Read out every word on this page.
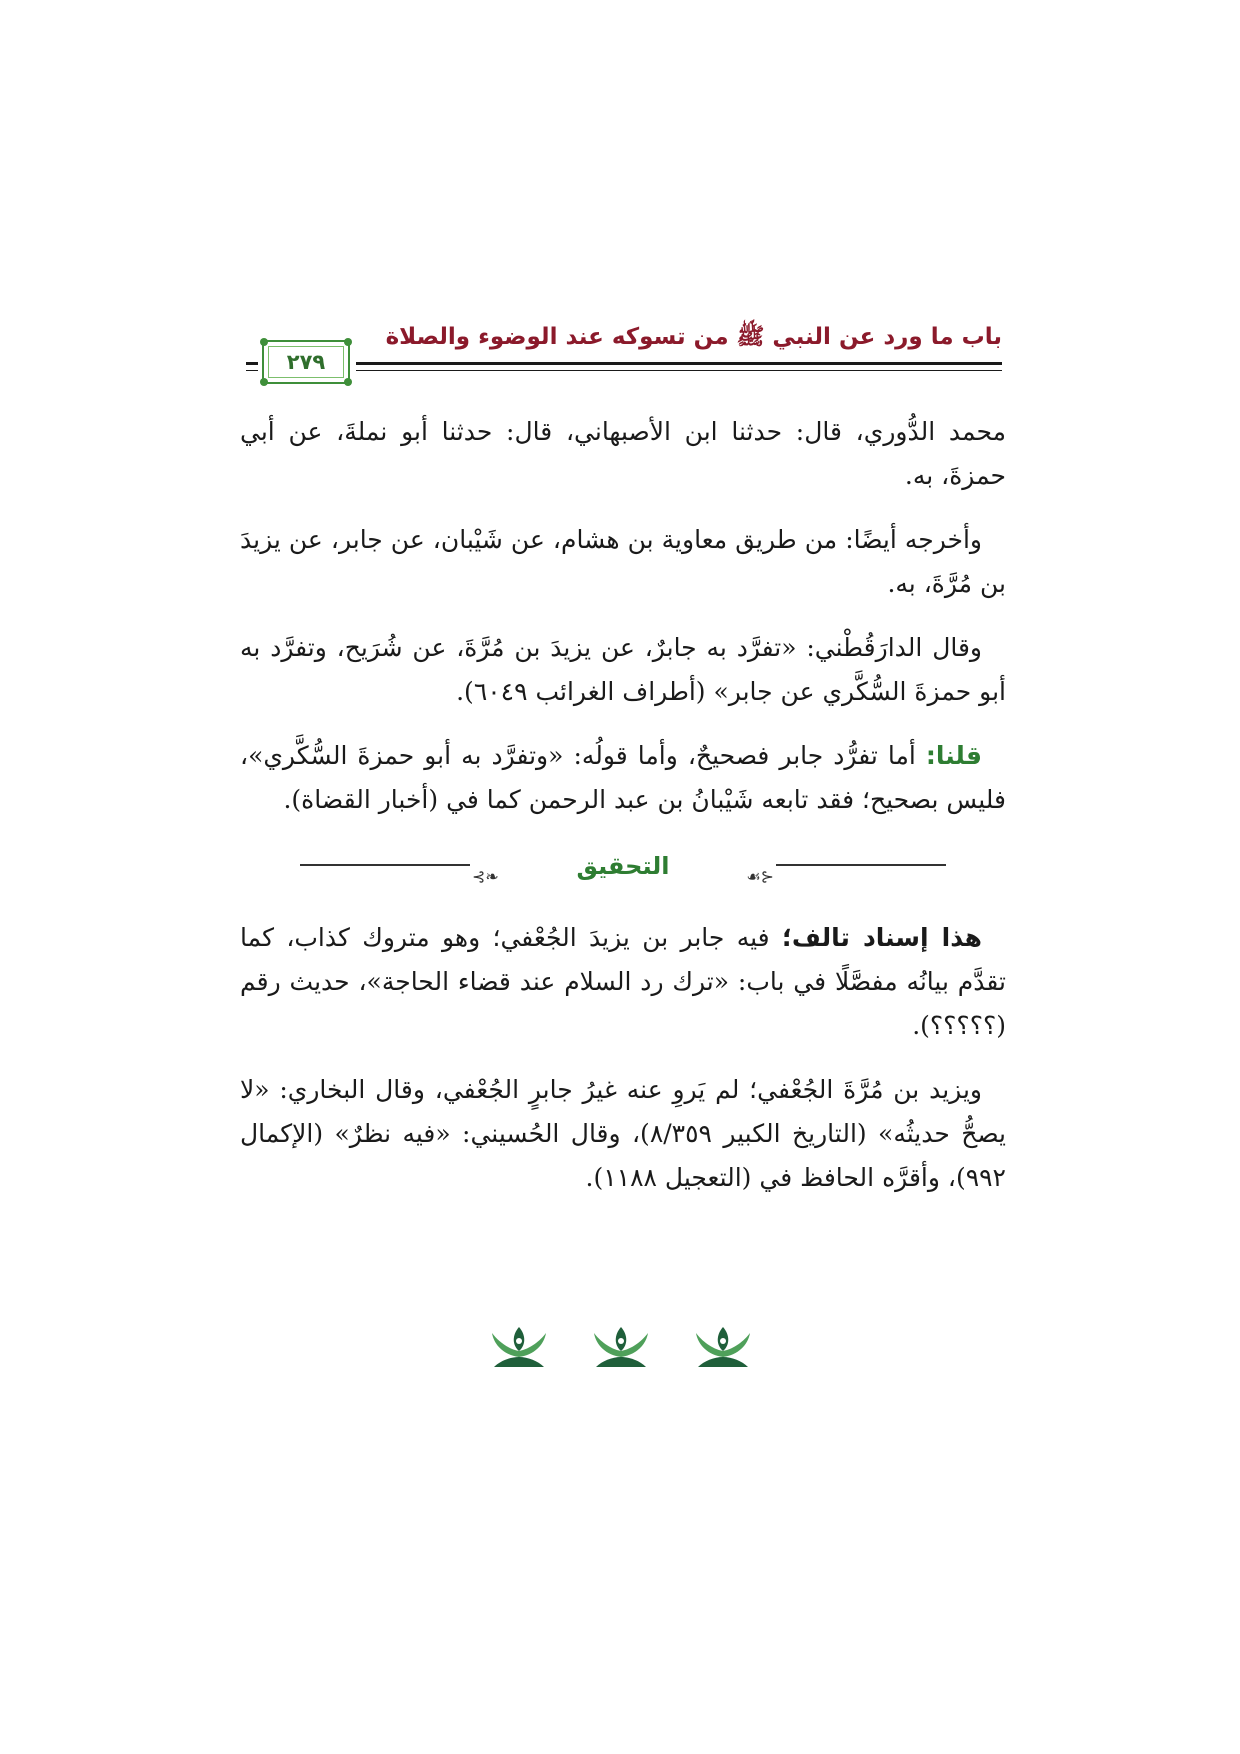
باب ما ورد عن النبي ﷺ من تسوكه عند الوضوء والصلاة
٢٧٩

محمد الدُّوري، قال: حدثنا ابن الأصبهاني، قال: حدثنا أبو نملةَ، عن أبي حمزةَ، به.

وأخرجه أيضًا: من طريق معاوية بن هشام، عن شَيْبان، عن جابر، عن يزيدَ بن مُرَّةَ، به.

وقال الدارَقُطْني: «تفرَّد به جابرٌ، عن يزيدَ بن مُرَّةَ، عن شُرَيح، وتفرَّد به أبو حمزةَ السُّكَّري عن جابر» (أطراف الغرائب ٦٠٤٩).

قلنا: أما تفرُّد جابر فصحيحٌ، وأما قولُه: «وتفرَّد به أبو حمزةَ السُّكَّري»، فليس بصحيح؛ فقد تابعه شَيْبانُ بن عبد الرحمن كما في (أخبار القضاة).

⊰❧	التحقيق	☙⊱

هذا إسناد تالف؛ فيه جابر بن يزيدَ الجُعْفي؛ وهو متروك كذاب، كما تقدَّم بيانُه مفصَّلًا في باب: «ترك رد السلام عند قضاء الحاجة»، حديث رقم (؟؟؟؟؟).

ويزيد بن مُرَّةَ الجُعْفي؛ لم يَروِ عنه غيرُ جابرٍ الجُعْفي، وقال البخاري: «لا يصحُّ حديثُه» (التاريخ الكبير ٨/٣٥٩)، وقال الحُسيني: «فيه نظرٌ» (الإكمال ٩٩٢)، وأقرَّه الحافظ في (التعجيل ١١٨٨).
